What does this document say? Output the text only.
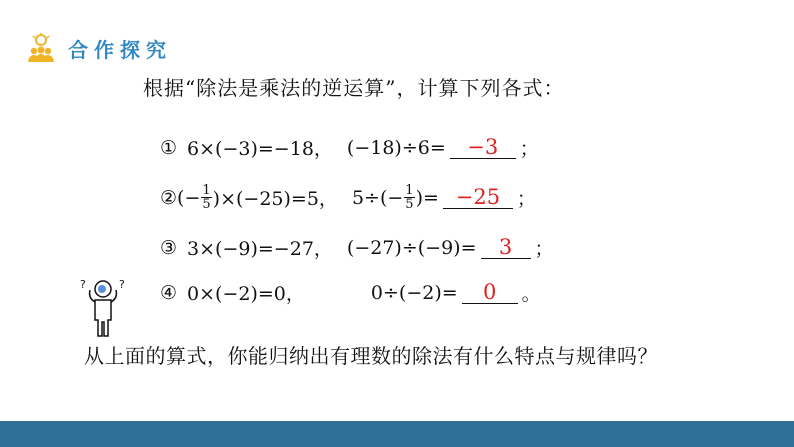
合作探究
根据“除法是乘法的逆运算”，计算下列各式：
① 6×(−3)=−18， (−18)÷6=	−3	；
② (− $\frac{1}{5} )\times(-25)=5$， $5\div(- \frac{1}{5}$ )= −25 ；
③ 3×(−9)=−27， (−27)÷(−9)=	3	；
④ 0×(−2)=0，	0÷(−2)=	0	。
?	?
从上面的算式，你能归纳出有理数的除法有什么特点与规律吗？
